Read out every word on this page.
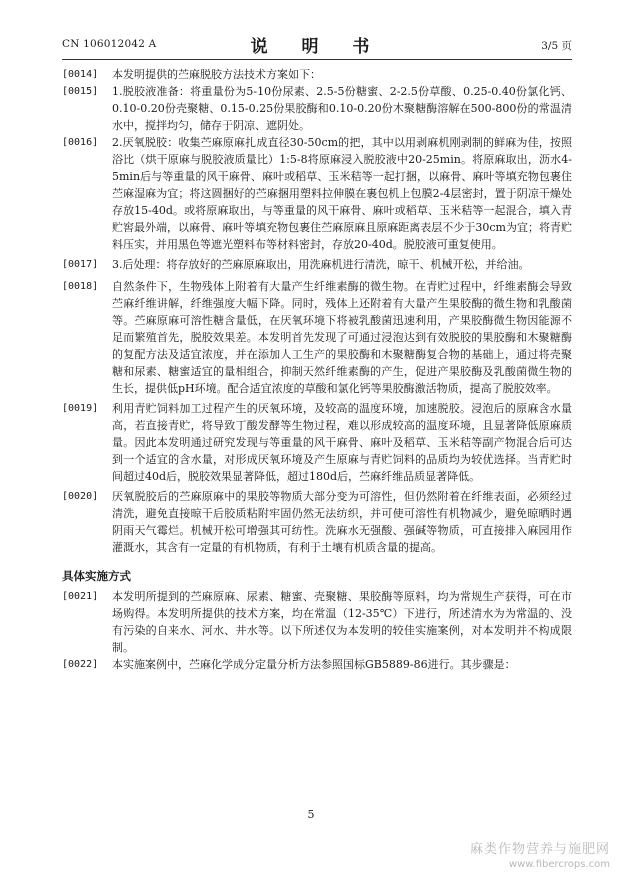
CN 106012042 A	说 明 书	3/5 页
[0014]	本发明提供的苎麻脱胶方法技术方案如下：
[0015]	1.脱胶液准备：将重量份为5-10份尿素、2.5-5份糖蜜、2-2.5份草酸、0.25-0.40份氯化钙、0.10-0.20份壳聚糖、0.15-0.25份果胶酶和0.10-0.20份木聚糖酶溶解在500-800份的常温清水中，搅拌均匀，储存于阴凉、遮阴处。
[0016]	2.厌氧脱胶：收集苎麻原麻扎成直径30-50cm的把，其中以用剥麻机刚剥制的鲜麻为佳，按照浴比（烘干原麻与脱胶液质量比）1:5-8将原麻浸入脱胶液中20-25min。将原麻取出，沥水4-5min后与等重量的风干麻骨、麻叶或稻草、玉米秸等一起打捆，以麻骨、麻叶等填充物包裹住苎麻湿麻为宜；将这圆捆好的苎麻捆用塑料拉伸膜在裹包机上包膜2-4层密封，置于阴凉干燥处存放15-40d。或将原麻取出，与等重量的风干麻骨、麻叶或稻草、玉米秸等一起混合，填入青贮窖最外端，以麻骨、麻叶等填充物包裹住苎麻原麻且原麻距离表层不少于30cm为宜；将青贮料压实，并用黑色等遮光塑料布等材料密封，存放20-40d。脱胶液可重复使用。
[0017]	3.后处理：将存放好的苎麻原麻取出，用洗麻机进行清洗，晾干、机械开松，并给油。
[0018]	自然条件下，生物残体上附着有大量产生纤维素酶的微生物。在青贮过程中，纤维素酶会导致苎麻纤维讲解，纤维强度大幅下降。同时，残体上还附着有大量产生果胶酶的微生物和乳酸菌等。苎麻原麻可溶性糖含量低，在厌氧环境下将被乳酸菌迅速利用，产果胶酶微生物因能源不足而繁殖首先，脱胶效果差。本发明首先发现了可通过浸泡达到有效脱胶的果胶酶和木聚糖酶的复配方法及适宜浓度，并在添加人工生产的果胶酶和木聚糖酶复合物的基础上，通过将壳聚糖和尿素、糖蜜适宜的量相组合，抑制天然纤维素酶的产生，促进产果胶酶及乳酸菌微生物的生长，提供低pH环境。配合适宜浓度的草酸和氯化钙等果胶酶激活物质，提高了脱胶效率。
[0019]	利用青贮饲料加工过程产生的厌氧环境，及较高的温度环境，加速脱胶。浸泡后的原麻含水量高，若直接青贮，将导致丁酸发酵等生物过程，难以形成较高的温度环境，且显著降低原麻质量。因此本发明通过研究发现与等重量的风干麻骨、麻叶及稻草、玉米秸等副产物混合后可达到一个适宜的含水量，对形成厌氧环境及产生原麻与青贮饲料的品质均为较优选择。当青贮时间超过40d后，脱胶效果显著降低，超过180d后，苎麻纤维品质显著降低。
[0020]	厌氧脱胶后的苎麻原麻中的果胶等物质大部分变为可溶性，但仍然附着在纤维表面，必须经过清洗，避免直接晾干后胶质粘附牢固仍然无法纺织，并可使可溶性有机物减少，避免晾晒时遇阴雨天气霉烂。机械开松可增强其可纺性。洗麻水无强酸、强碱等物质，可直接排入麻园用作灌溉水，其含有一定量的有机物质，有利于土壤有机质含量的提高。
具体实施方式
[0021]	本发明所提到的苎麻原麻、尿素、糖蜜、壳聚糖、果胶酶等原料，均为常规生产获得，可在市场购得。本发明所提供的技术方案，均在常温（12-35℃）下进行，所述清水为为常温的、没有污染的自来水、河水、井水等。以下所述仅为本发明的较佳实施案例，对本发明并不构成限制。
[0022]	本实施案例中，苎麻化学成分定量分析方法参照国标GB5889-86进行。其步骤是：
5
麻类作物营养与施肥网
www.fibercrops.com
